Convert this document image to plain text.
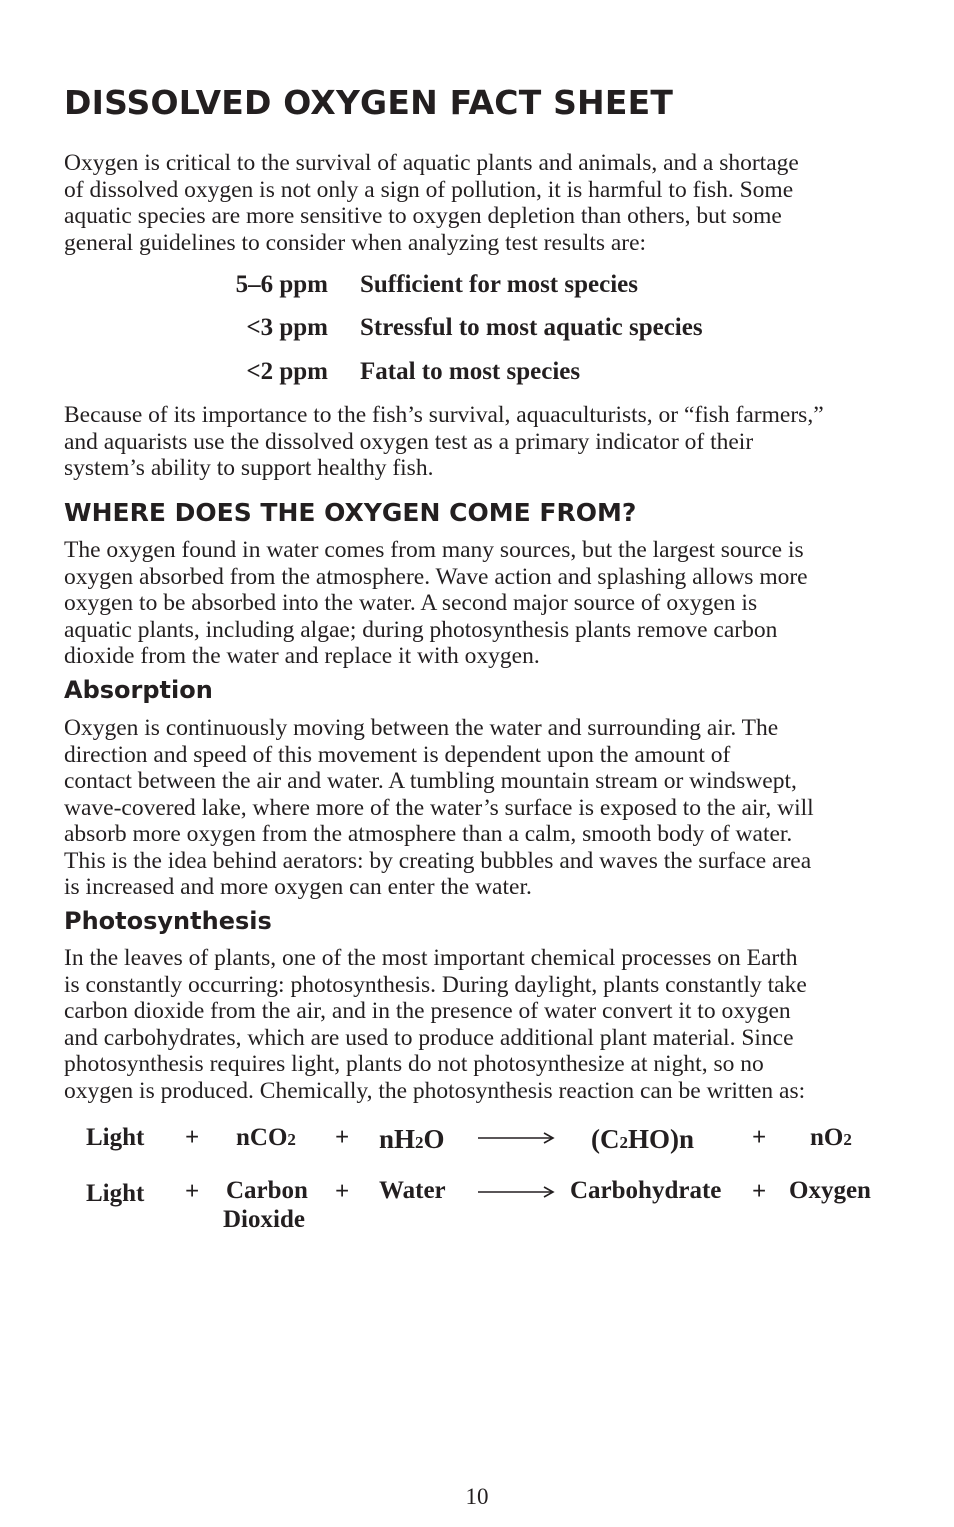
DISSOLVED OXYGEN FACT SHEET

Oxygen is critical to the survival of aquatic plants and animals, and a shortage
of dissolved oxygen is not only a sign of pollution, it is harmful to fish. Some
aquatic species are more sensitive to oxygen depletion than others, but some
general guidelines to consider when analyzing test results are:

5–6 ppm Sufficient for most species
<3 ppm Stressful to most aquatic species
<2 ppm Fatal to most species

Because of its importance to the fish’s survival, aquaculturists, or “fish farmers,”
and aquarists use the dissolved oxygen test as a primary indicator of their
system’s ability to support healthy fish.

WHERE DOES THE OXYGEN COME FROM?

The oxygen found in water comes from many sources, but the largest source is
oxygen absorbed from the atmosphere. Wave action and splashing allows more
oxygen to be absorbed into the water. A second major source of oxygen is
aquatic plants, including algae; during photosynthesis plants remove carbon
dioxide from the water and replace it with oxygen.

Absorption

Oxygen is continuously moving between the water and surrounding air. The
direction and speed of this movement is dependent upon the amount of
contact between the air and water. A tumbling mountain stream or windswept,
wave-covered lake, where more of the water’s surface is exposed to the air, will
absorb more oxygen from the atmosphere than a calm, smooth body of water.
This is the idea behind aerators: by creating bubbles and waves the surface area
is increased and more oxygen can enter the water.

Photosynthesis

In the leaves of plants, one of the most important chemical processes on Earth
is constantly occurring: photosynthesis. During daylight, plants constantly take
carbon dioxide from the air, and in the presence of water convert it to oxygen
and carbohydrates, which are used to produce additional plant material. Since
photosynthesis requires light, plants do not photosynthesize at night, so no
oxygen is produced. Chemically, the photosynthesis reaction can be written as:

Light + nCO2 + nH2O	(C2HO)n + nO2
Light + Carbon
Dioxide
+ Water	Carbohydrate + Oxygen
10
